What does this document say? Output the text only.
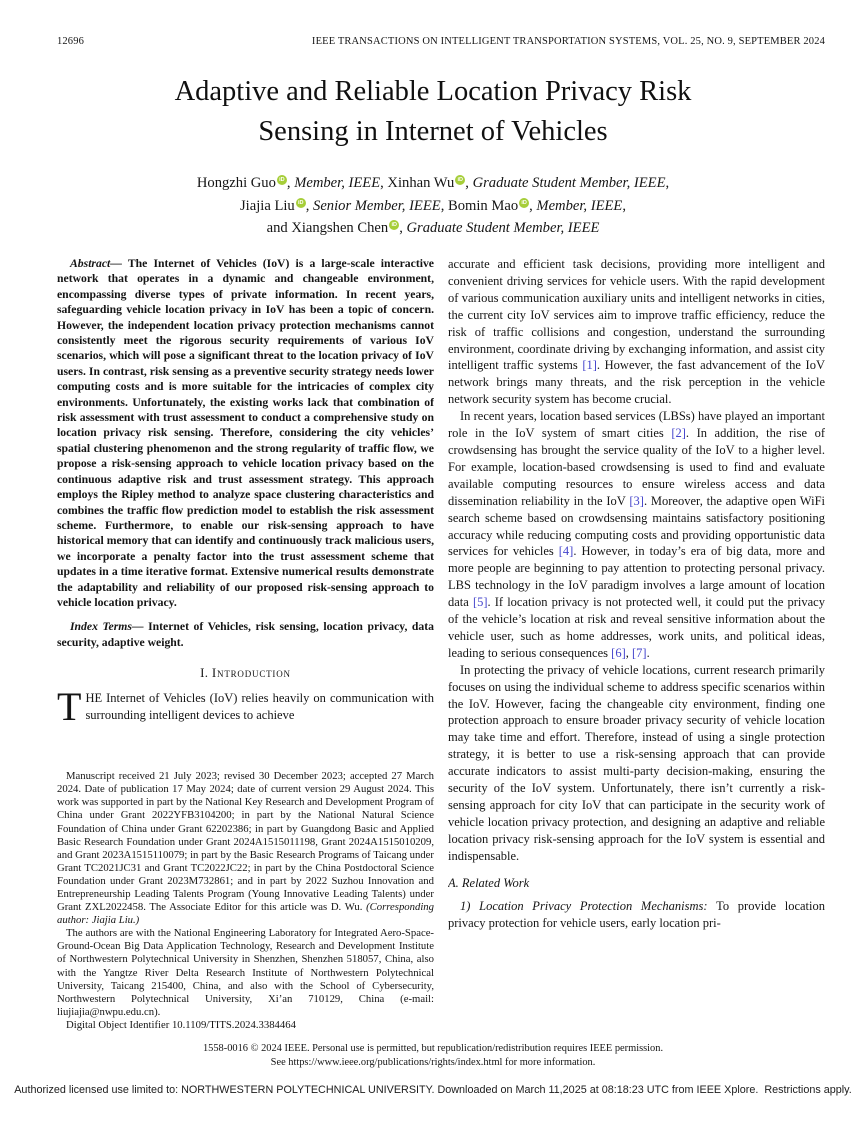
12696	IEEE TRANSACTIONS ON INTELLIGENT TRANSPORTATION SYSTEMS, VOL. 25, NO. 9, SEPTEMBER 2024
Adaptive and Reliable Location Privacy Risk
Sensing in Internet of Vehicles
Hongzhi Guo iD , Member, IEEE, Xinhan Wu iD , Graduate Student Member, IEEE,
Jiajia Liu iD , Senior Member, IEEE, Bomin Mao iD , Member, IEEE,
and Xiangshen Chen iD , Graduate Student Member, IEEE

Abstract— The Internet of Vehicles (IoV) is a large-scale interactive network that operates in a dynamic and changeable environment, encompassing diverse types of private information. In recent years, safeguarding vehicle location privacy in IoV has been a topic of concern. However, the independent location privacy protection mechanisms cannot consistently meet the rigorous security requirements of various IoV scenarios, which will pose a significant threat to the location privacy of IoV users. In contrast, risk sensing as a preventive security strategy needs lower computing costs and is more suitable for the intricacies of complex city environments. Unfortunately, the existing works lack that combination of risk assessment with trust assessment to conduct a comprehensive study on location privacy risk sensing. Therefore, considering the city vehicles’ spatial clustering phenomenon and the strong regularity of traffic flow, we propose a risk-sensing approach to vehicle location privacy based on the continuous adaptive risk and trust assessment strategy. This approach employs the Ripley method to analyze space clustering characteristics and combines the traffic flow prediction model to establish the risk assessment scheme. Furthermore, to enable our risk-sensing approach to have historical memory that can identify and continuously track malicious users, we incorporate a penalty factor into the trust assessment scheme that updates in a time iterative format. Extensive numerical results demonstrate the adaptability and reliability of our proposed risk-sensing approach to vehicle location privacy.

Index Terms— Internet of Vehicles, risk sensing, location privacy, data security, adaptive weight.

I. Introduction

THE Internet of Vehicles (IoV) relies heavily on communication with surrounding intelligent devices to achieve

Manuscript received 21 July 2023; revised 30 December 2023; accepted 27 March 2024. Date of publication 17 May 2024; date of current version 29 August 2024. This work was supported in part by the National Key Research and Development Program of China under Grant 2022YFB3104200; in part by the National Natural Science Foundation of China under Grant 62202386; in part by Guangdong Basic and Applied Basic Research Foundation under Grant 2024A1515011198, Grant 2024A1515010209, and Grant 2023A1515110079; in part by the Basic Research Programs of Taicang under Grant TC2021JC31 and Grant TC2022JC22; in part by the China Postdoctoral Science Foundation under Grant 2023M732861; and in part by 2022 Suzhou Innovation and Entrepreneurship Leading Talents Program (Young Innovative Leading Talents) under Grant ZXL2022458. The Associate Editor for this article was D. Wu. (Corresponding author: Jiajia Liu.)

The authors are with the National Engineering Laboratory for Integrated Aero-Space-Ground-Ocean Big Data Application Technology, Research and Development Institute of Northwestern Polytechnical University in Shenzhen, Shenzhen 518057, China, also with the Yangtze River Delta Research Institute of Northwestern Polytechnical University, Taicang 215400, China, and also with the School of Cybersecurity, Northwestern Polytechnical University, Xi’an 710129, China (e-mail: liujiajia@nwpu.edu.cn).

Digital Object Identifier 10.1109/TITS.2024.3384464

accurate and efficient task decisions, providing more intelligent and convenient driving services for vehicle users. With the rapid development of various communication auxiliary units and intelligent networks in cities, the current city IoV services aim to improve traffic efficiency, reduce the risk of traffic collisions and congestion, understand the surrounding environment, coordinate driving by exchanging information, and assist city intelligent traffic systems [1]. However, the fast advancement of the IoV network brings many threats, and the risk perception in the vehicle network security system has become crucial.

In recent years, location based services (LBSs) have played an important role in the IoV system of smart cities [2]. In addition, the rise of crowdsensing has brought the service quality of the IoV to a higher level. For example, location-based crowdsensing is used to find and evaluate available computing resources to ensure wireless access and data dissemination reliability in the IoV [3]. Moreover, the adaptive open WiFi search scheme based on crowdsensing maintains satisfactory positioning accuracy while reducing computing costs and providing opportunistic data services for vehicles [4]. However, in today’s era of big data, more and more people are beginning to pay attention to protecting personal privacy. LBS technology in the IoV paradigm involves a large amount of location data [5]. If location privacy is not protected well, it could put the privacy of the vehicle’s location at risk and reveal sensitive information about the vehicle user, such as home addresses, work units, and political ideas, leading to serious consequences [6], [7].

In protecting the privacy of vehicle locations, current research primarily focuses on using the individual scheme to address specific scenarios within the IoV. However, facing the changeable city environment, finding one protection approach to ensure broader privacy security of vehicle location may take time and effort. Therefore, instead of using a single protection strategy, it is better to use a risk-sensing approach that can provide accurate indicators to assist multi-party decision-making, ensuring the security of the IoV system. Unfortunately, there isn’t currently a risk-sensing approach for city IoV that can participate in the security work of vehicle location privacy protection, and designing an adaptive and reliable location privacy risk-sensing approach for the IoV system is essential and indispensable.

A. Related Work

1) Location Privacy Protection Mechanisms: To provide location privacy protection for vehicle users, early location pri-

1558-0016 © 2024 IEEE. Personal use is permitted, but republication/redistribution requires IEEE permission.
See https://www.ieee.org/publications/rights/index.html for more information.
Authorized licensed use limited to: NORTHWESTERN POLYTECHNICAL UNIVERSITY. Downloaded on March 11,2025 at 08:18:23 UTC from IEEE Xplore.  Restrictions apply.
